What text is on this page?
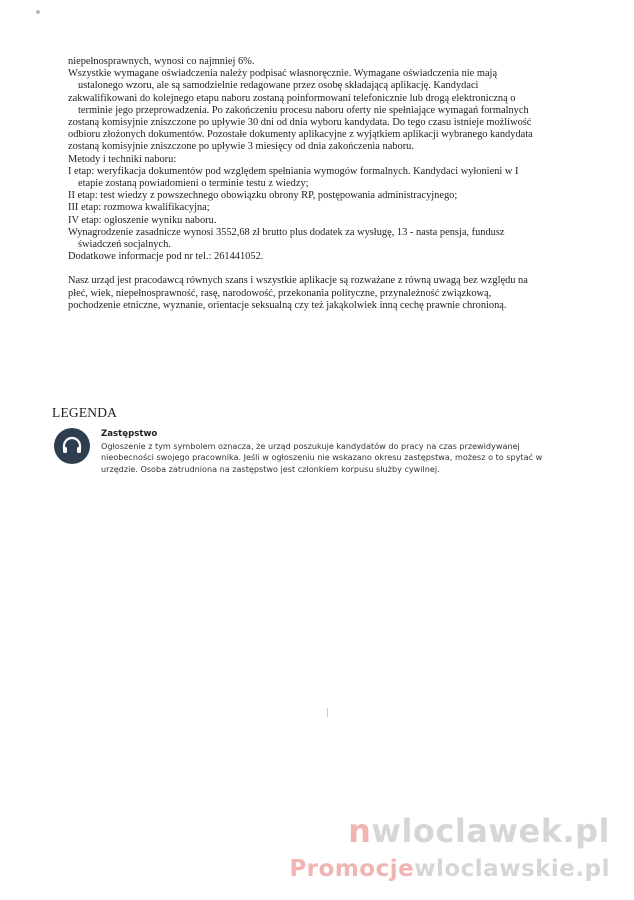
niepełnosprawnych, wynosi co najmniej 6%.

Wszystkie wymagane oświadczenia należy podpisać własnoręcznie. Wymagane oświadczenia nie mają

ustalonego wzoru, ale są samodzielnie redagowane przez osobę składającą aplikację. Kandydaci

zakwalifikowani do kolejnego etapu naboru zostaną poinformowani telefonicznie lub drogą elektroniczną o

terminie jego przeprowadzenia. Po zakończeniu procesu naboru oferty nie spełniające wymagań formalnych

zostaną komisyjnie zniszczone po upływie 30 dni od dnia wyboru kandydata. Do tego czasu istnieje możliwość

odbioru złożonych dokumentów. Pozostałe dokumenty aplikacyjne z wyjątkiem aplikacji wybranego kandydata

zostaną komisyjnie zniszczone po upływie 3 miesięcy od dnia zakończenia naboru.

Metody i techniki naboru:

I etap: weryfikacja dokumentów pod względem spełniania wymogów formalnych. Kandydaci wyłonieni w I

etapie zostaną powiadomieni o terminie testu z wiedzy;

II etap: test wiedzy z powszechnego obowiązku obrony RP, postępowania administracyjnego;

III etap: rozmowa kwalifikacyjna;

IV etap: ogłoszenie wyniku naboru.

Wynagrodzenie zasadnicze wynosi 3552,68 zł brutto plus dodatek za wysługę, 13 - nasta pensja, fundusz

świadczeń socjalnych.

Dodatkowe informacje pod nr tel.: 261441052.

Nasz urząd jest pracodawcą równych szans i wszystkie aplikacje są rozważane z równą uwagą bez względu na

płeć, wiek, niepełnosprawność, rasę, narodowość, przekonania polityczne, przynależność związkową,

pochodzenie etniczne, wyznanie, orientacje seksualną czy też jakąkolwiek inną cechę prawnie chronioną.

LEGENDA
Zastępstwo
Ogłoszenie z tym symbolem oznacza, że urząd poszukuje kandydatów do pracy na czas przewidywanej
nieobecności swojego pracownika. Jeśli w ogłoszeniu nie wskazano okresu zastępstwa, możesz o to spytać w
urzędzie. Osoba zatrudniona na zastępstwo jest członkiem korpusu służby cywilnej.
nwloclawek.pl
Promocjewloclawskie.pl
